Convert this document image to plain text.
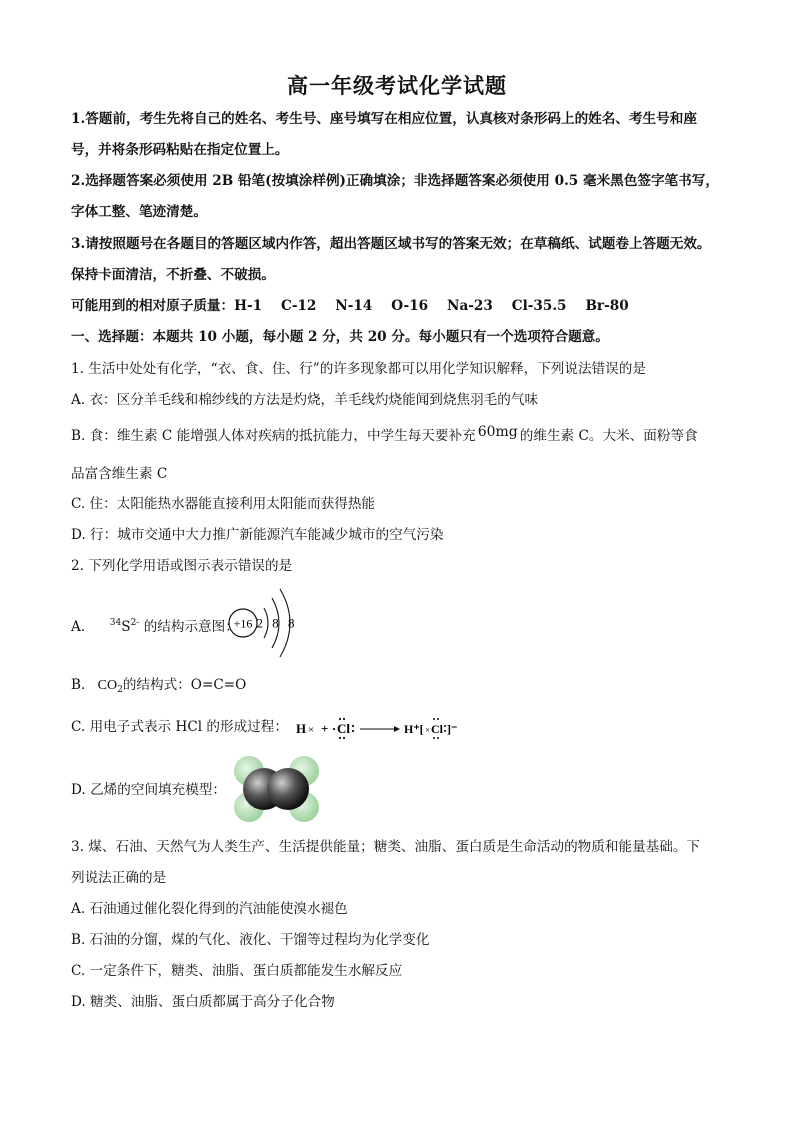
高一年级考试化学试题
1.答题前，考生先将自己的姓名、考生号、座号填写在相应位置，认真核对条形码上的姓名、考生号和座
号，并将条形码粘贴在指定位置上。
2.选择题答案必须使用 2B 铅笔(按填涂样例)正确填涂；非选择题答案必须使用 0.5 毫米黑色签字笔书写，
字体工整、笔迹清楚。
3.请按照题号在各题目的答题区域内作答，超出答题区域书写的答案无效；在草稿纸、试题卷上答题无效。
保持卡面清洁，不折叠、不破损。
可能用到的相对原子质量：H-1    C-12    N-14    O-16    Na-23    Cl-35.5    Br-80
一、选择题：本题共 10 小题，每小题 2 分，共 20 分。每小题只有一个选项符合题意。
1. 生活中处处有化学，“衣、食、住、行”的许多现象都可以用化学知识解释，下列说法错误的是
A. 衣：区分羊毛线和棉纱线的方法是灼烧，羊毛线灼烧能闻到烧焦羽毛的气味
B. 食：维生素 C 能增强人体对疾病的抵抗能力，中学生每天要补充 60mg 的维生素 C。大米、面粉等食
品富含维生素 C
C. 住：太阳能热水器能直接利用太阳能而获得热能
D. 行：城市交通中大力推广新能源汽车能减少城市的空气污染
2. 下列化学用语或图示表示错误的是
A.	$^{34}S^{2-}$ 的结构示意图：
+16 2 8 8
B. $CO_2$的结构式：O=C=O
C. 用电子式表示 HCl 的形成过程： H × + Cl	H⁺[ × Cl ]⁻
D. 乙烯的空间填充模型：
3. 煤、石油、天然气为人类生产、生活提供能量；糖类、油脂、蛋白质是生命活动的物质和能量基础。下
列说法正确的是
A. 石油通过催化裂化得到的汽油能使溴水褪色
B. 石油的分馏，煤的气化、液化、干馏等过程均为化学变化
C. 一定条件下，糖类、油脂、蛋白质都能发生水解反应
D. 糖类、油脂、蛋白质都属于高分子化合物
